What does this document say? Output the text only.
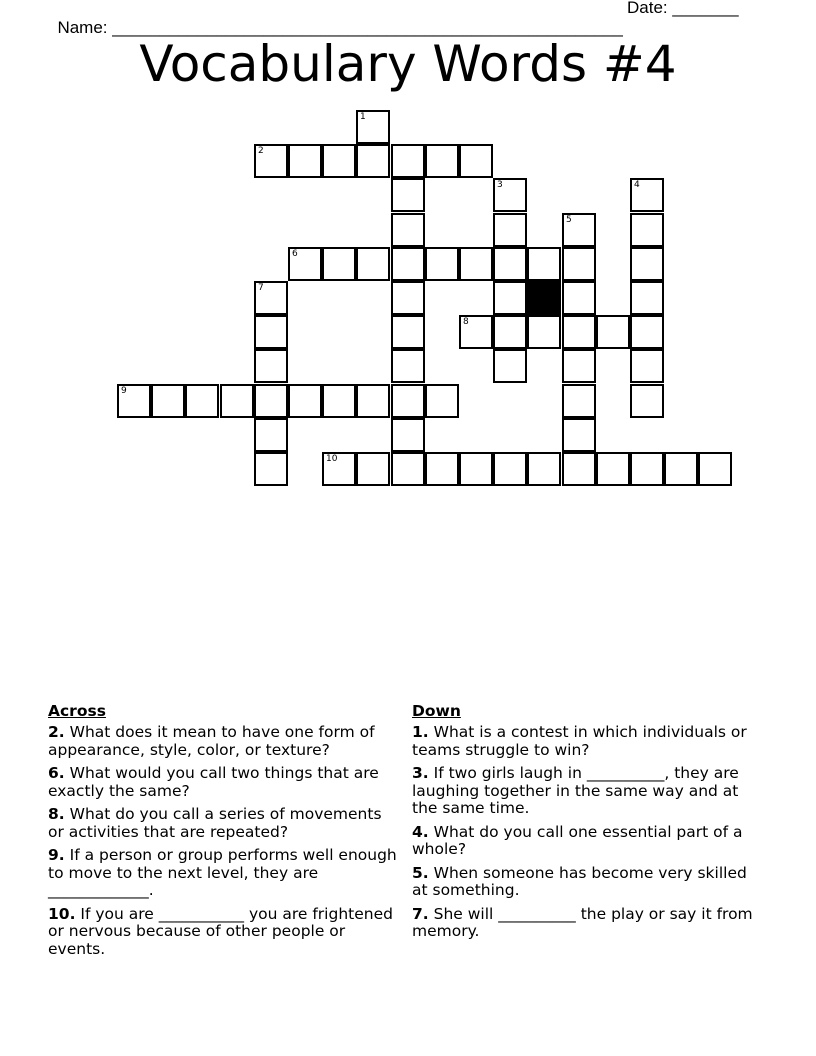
Name: ______________________________________________________

Date: _______

Vocabulary Words #4
1
2
3	4
5
6
7
8
9
10
Across
2. What does it mean to have one form of appearance, style, color, or texture?
6. What would you call two things that are exactly the same?
8. What do you call a series of movements or activities that are repeated?
9. If a person or group performs well enough to move to the next level, they are _____________.
10. If you are ___________ you are frightened or nervous because of other people or events.
Down
1. What is a contest in which individuals or teams struggle to win?
3. If two girls laugh in __________, they are laughing together in the same way and at the same time.
4. What do you call one essential part of a whole?
5. When someone has become very skilled at something.
7. She will __________ the play or say it from memory.
